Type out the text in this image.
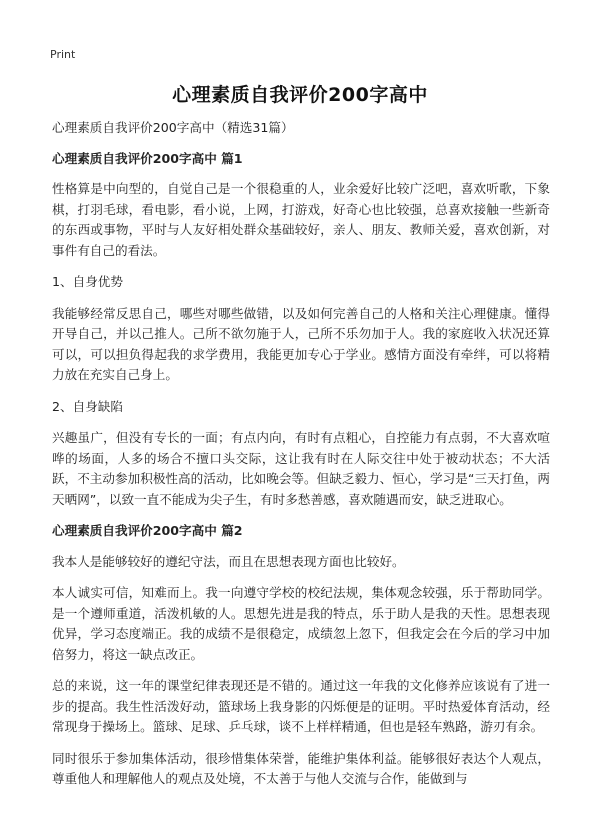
Print
心理素质自我评价200字高中

心理素质自我评价200字高中（精选31篇）

心理素质自我评价200字高中 篇1

性格算是中向型的，自觉自己是一个很稳重的人，业余爱好比较广泛吧，喜欢听歌，下象棋，打羽毛球，看电影，看小说，上网，打游戏，好奇心也比较强，总喜欢接触一些新奇的东西或事物，平时与人友好相处群众基础较好，亲人、朋友、教师关爱，喜欢创新，对事件有自己的看法。

1、自身优势

我能够经常反思自己，哪些对哪些做错，以及如何完善自己的人格和关注心理健康。懂得开导自己，并以己推人。己所不欲勿施于人，己所不乐勿加于人。我的家庭收入状况还算可以，可以担负得起我的求学费用，我能更加专心于学业。感情方面没有牵绊，可以将精力放在充实自己身上。

2、自身缺陷

兴趣虽广，但没有专长的一面；有点内向，有时有点粗心，自控能力有点弱，不大喜欢喧哗的场面，人多的场合不擅口头交际，这让我有时在人际交往中处于被动状态；不大活跃，不主动参加积极性高的活动，比如晚会等。但缺乏毅力、恒心，学习是“三天打鱼，两天晒网”，以致一直不能成为尖子生，有时多愁善感，喜欢随遇而安，缺乏进取心。

心理素质自我评价200字高中 篇2

我本人是能够较好的遵纪守法，而且在思想表现方面也比较好。

本人诚实可信，知难而上。我一向遵守学校的校纪法规，集体观念较强，乐于帮助同学。是一个遵师重道，活泼机敏的人。思想先进是我的特点，乐于助人是我的天性。思想表现优异，学习态度端正。我的成绩不是很稳定，成绩忽上忽下，但我定会在今后的学习中加倍努力，将这一缺点改正。

总的来说，这一年的课堂纪律表现还是不错的。通过这一年我的文化修养应该说有了进一步的提高。我生性活泼好动，篮球场上我身影的闪烁便是的证明。平时热爱体育活动，经常现身于操场上。篮球、足球、乒乓球，谈不上样样精通，但也是轻车熟路，游刃有余。

同时很乐于参加集体活动，很珍惜集体荣誉，能维护集体利益。能够很好表达个人观点，尊重他人和理解他人的观点及处境，不太善于与他人交流与合作，能做到与
